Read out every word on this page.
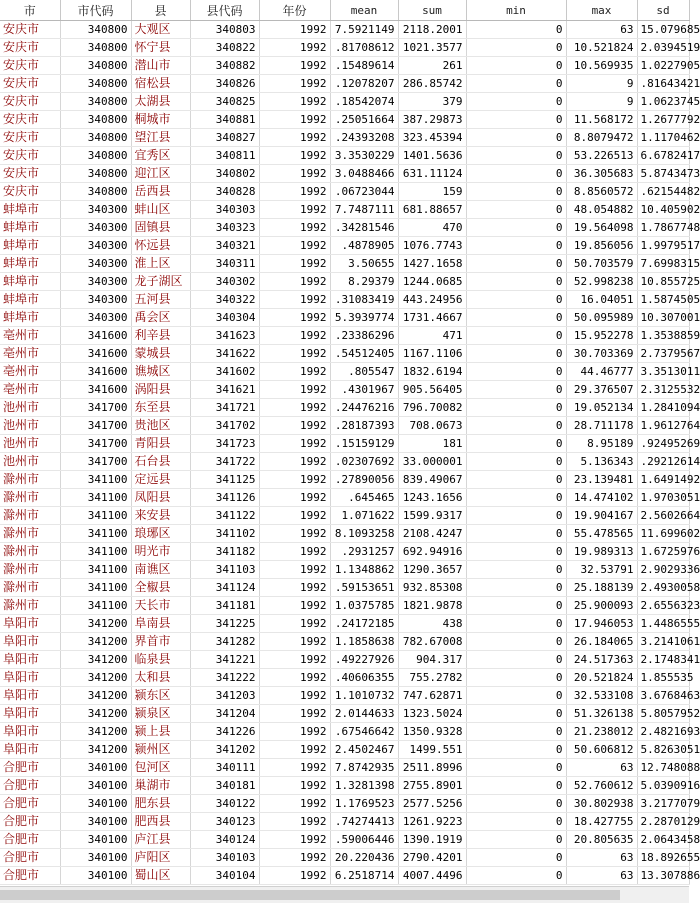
市	市代码	县	县代码	年份	mean	sum	min	max	sd
安庆市	340800	大观区	340803	1992	7.5921149	2118.2001	0	63	15.079685
安庆市	340800	怀宁县	340822	1992	.81708612	1021.3577	0	10.521824	2.0394519
安庆市	340800	潜山市	340882	1992	.15489614	261	0	10.569935	1.0227905
安庆市	340800	宿松县	340826	1992	.12078207	286.85742	0	9	.81643421
安庆市	340800	太湖县	340825	1992	.18542074	379	0	9	1.0623745
安庆市	340800	桐城市	340881	1992	.25051664	387.29873	0	11.568172	1.2677792
安庆市	340800	望江县	340827	1992	.24393208	323.45394	0	8.8079472	1.1170462
安庆市	340800	宜秀区	340811	1992	3.3530229	1401.5636	0	53.226513	6.6782417
安庆市	340800	迎江区	340802	1992	3.0488466	631.11124	0	36.305683	5.8743473
安庆市	340800	岳西县	340828	1992	.06723044	159	0	8.8560572	.62154482
蚌埠市	340300	蚌山区	340303	1992	7.7487111	681.88657	0	48.054882	10.405902
蚌埠市	340300	固镇县	340323	1992	.34281546	470	0	19.564098	1.7867748
蚌埠市	340300	怀远县	340321	1992	.4878905	1076.7743	0	19.856056	1.9979517
蚌埠市	340300	淮上区	340311	1992	3.50655	1427.1658	0	50.703579	7.6998315
蚌埠市	340300	龙子湖区	340302	1992	8.29379	1244.0685	0	52.998238	10.855725
蚌埠市	340300	五河县	340322	1992	.31083419	443.24956	0	16.04051	1.5874505
蚌埠市	340300	禹会区	340304	1992	5.3939774	1731.4667	0	50.095989	10.307001
亳州市	341600	利辛县	341623	1992	.23386296	471	0	15.952278	1.3538859
亳州市	341600	蒙城县	341622	1992	.54512405	1167.1106	0	30.703369	2.7379567
亳州市	341600	谯城区	341602	1992	.805547	1832.6194	0	44.46777	3.3513011
亳州市	341600	涡阳县	341621	1992	.4301967	905.56405	0	29.376507	2.3125532
池州市	341700	东至县	341721	1992	.24476216	796.70082	0	19.052134	1.2841094
池州市	341700	贵池区	341702	1992	.28187393	708.0673	0	28.711178	1.9612764
池州市	341700	青阳县	341723	1992	.15159129	181	0	8.95189	.92495269
池州市	341700	石台县	341722	1992	.02307692	33.000001	0	5.136343	.29212614
滁州市	341100	定远县	341125	1992	.27890056	839.49067	0	23.139481	1.6491492
滁州市	341100	凤阳县	341126	1992	.645465	1243.1656	0	14.474102	1.9703051
滁州市	341100	来安县	341122	1992	1.071622	1599.9317	0	19.904167	2.5602664
滁州市	341100	琅琊区	341102	1992	8.1093258	2108.4247	0	55.478565	11.699602
滁州市	341100	明光市	341182	1992	.2931257	692.94916	0	19.989313	1.6725976
滁州市	341100	南谯区	341103	1992	1.1348862	1290.3657	0	32.53791	2.9029336
滁州市	341100	全椒县	341124	1992	.59153651	932.85308	0	25.188139	2.4930058
滁州市	341100	天长市	341181	1992	1.0375785	1821.9878	0	25.900093	2.6556323
阜阳市	341200	阜南县	341225	1992	.24172185	438	0	17.946053	1.4486555
阜阳市	341200	界首市	341282	1992	1.1858638	782.67008	0	26.184065	3.2141061
阜阳市	341200	临泉县	341221	1992	.49227926	904.317	0	24.517363	2.1748341
阜阳市	341200	太和县	341222	1992	.40606355	755.2782	0	20.521824	1.855535
阜阳市	341200	颍东区	341203	1992	1.1010732	747.62871	0	32.533108	3.6768463
阜阳市	341200	颍泉区	341204	1992	2.0144633	1323.5024	0	51.326138	5.8057952
阜阳市	341200	颍上县	341226	1992	.67546642	1350.9328	0	21.238012	2.4821693
阜阳市	341200	颍州区	341202	1992	2.4502467	1499.551	0	50.606812	5.8263051
合肥市	340100	包河区	340111	1992	7.8742935	2511.8996	0	63	12.748088
合肥市	340100	巢湖市	340181	1992	1.3281398	2755.8901	0	52.760612	5.0390916
合肥市	340100	肥东县	340122	1992	1.1769523	2577.5256	0	30.802938	3.2177079
合肥市	340100	肥西县	340123	1992	.74274413	1261.9223	0	18.427755	2.2870129
合肥市	340100	庐江县	340124	1992	.59006446	1390.1919	0	20.805635	2.0643458
合肥市	340100	庐阳区	340103	1992	20.220436	2790.4201	0	63	18.892655
合肥市	340100	蜀山区	340104	1992	6.2518714	4007.4496	0	63	13.307886
